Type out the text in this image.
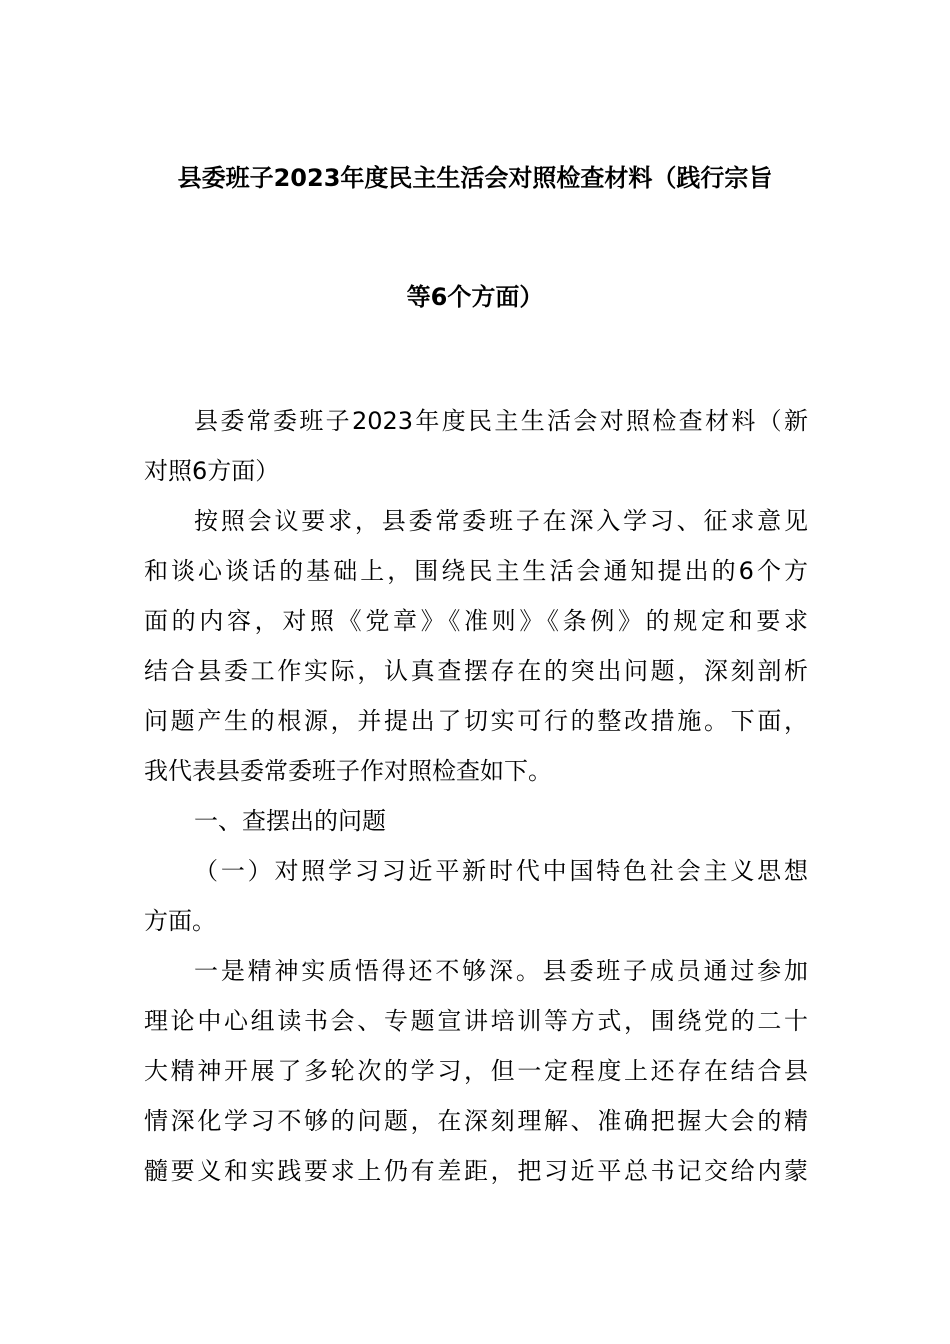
县委班子2023年度民主生活会对照检查材料（践行宗旨
等6个方面）
县委常委班子2023年度民主生活会对照检查材料（新
对照6方面）
按照会议要求，县委常委班子在深入学习、征求意见
和谈心谈话的基础上，围绕民主生活会通知提出的6个方
面的内容，对照《党章》《准则》《条例》的规定和要求
结合县委工作实际，认真查摆存在的突出问题，深刻剖析
问题产生的根源，并提出了切实可行的整改措施。下面，
我代表县委常委班子作对照检查如下。
一、查摆出的问题
（一）对照学习习近平新时代中国特色社会主义思想
方面。
一是精神实质悟得还不够深。县委班子成员通过参加
理论中心组读书会、专题宣讲培训等方式，围绕党的二十
大精神开展了多轮次的学习，但一定程度上还存在结合县
情深化学习不够的问题，在深刻理解、准确把握大会的精
髓要义和实践要求上仍有差距，把习近平总书记交给内蒙
